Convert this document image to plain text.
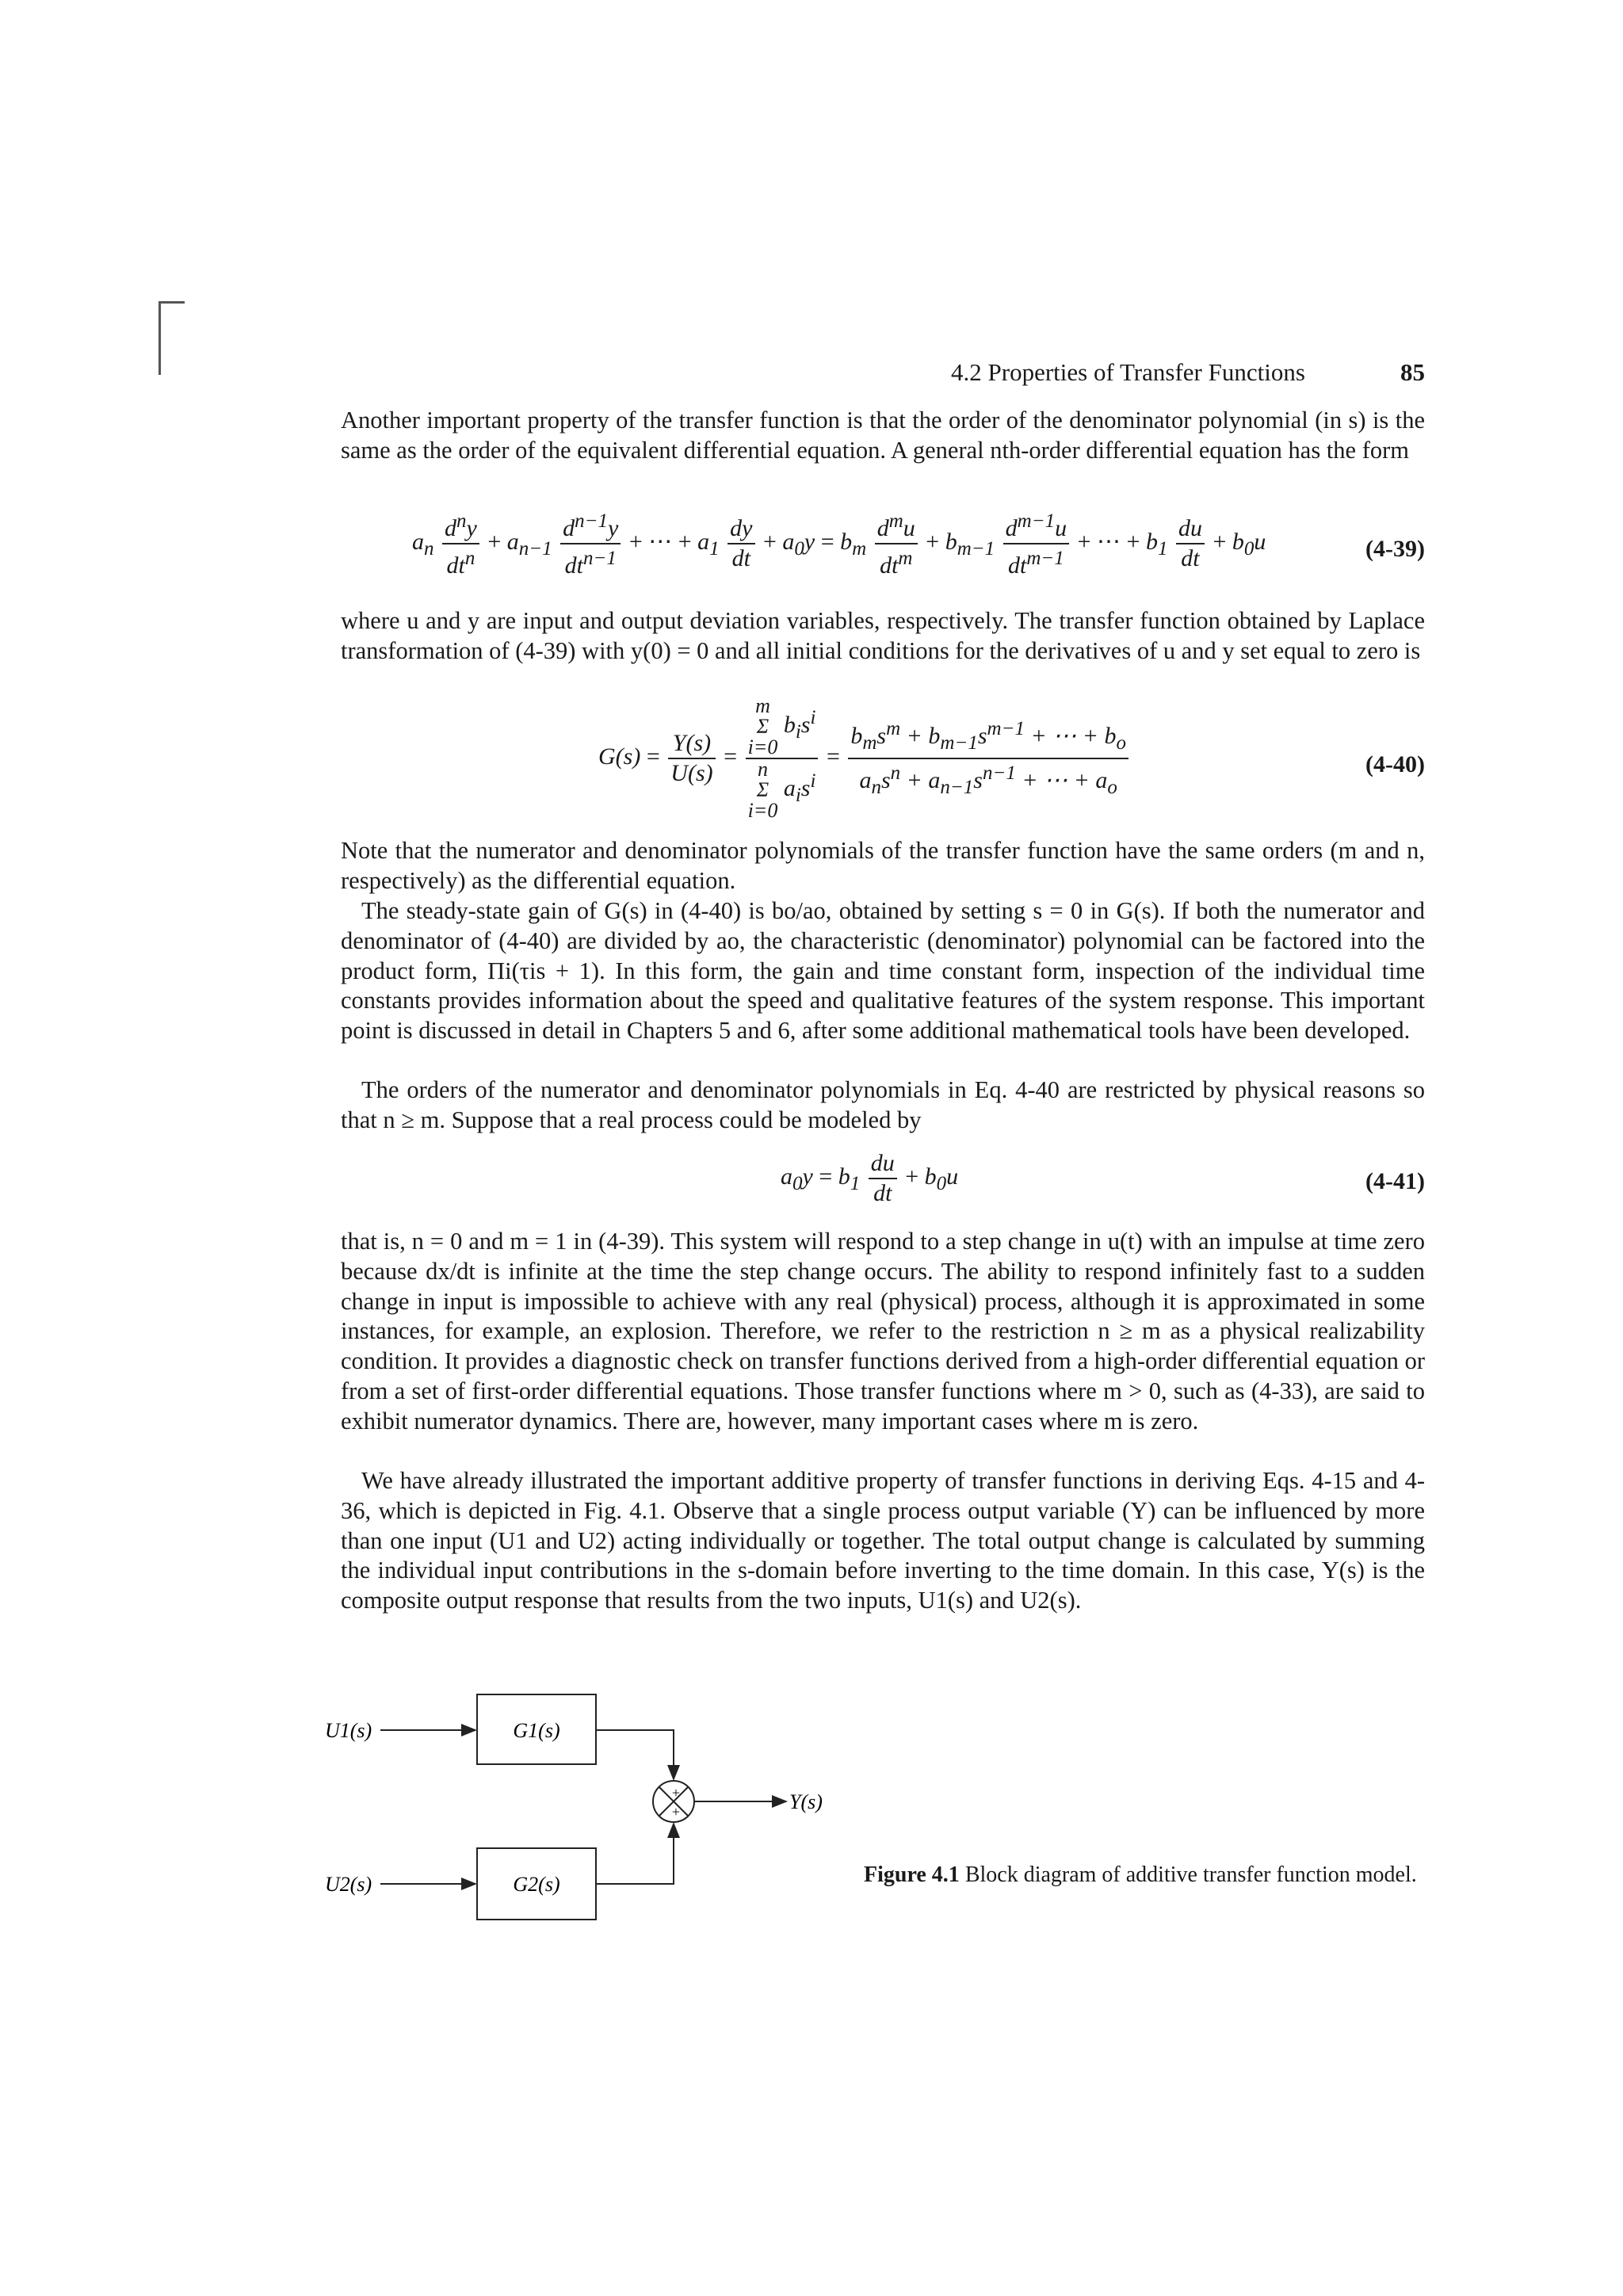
4.2 Properties of Transfer Functions	85

Another important property of the transfer function is that the order of the denominator polynomial (in s) is the same as the order of the equivalent differential equation. A general nth-order differential equation has the form

$a_n \frac{d^ny}{dt^n} + a_{n-1} \frac{d^{n-1}y}{dt^{n-1}}$ + ⋯ + $a_1 \frac{dy}{dt} + a_0y = b_m \frac{d^mu}{dt^m} + b_{m-1} \frac{d^{m-1}u}{dt^{m-1}}$ + ⋯ + $b_1 \frac{du}{dt} + b_0u$	(4-39)

where u and y are input and output deviation variables, respectively. The transfer function obtained by Laplace transformation of (4-39) with y(0) = 0 and all initial conditions for the derivatives of u and y set equal to zero is

$G(s) = \frac{Y(s)}{U(s)}$ =
m
Σ
i=0 $b_is^i$
n
Σ
i=0 $a_is^i$
= $\frac{b_ms^m + b_{m-1}s^{m-1} + \cdots + b_o}{a_ns^n + a_{n-1}s^{n-1} + \cdots + a_o}$	(4-40)

Note that the numerator and denominator polynomials of the transfer function have the same orders (m and n, respectively) as the differential equation.

The steady-state gain of G(s) in (4-40) is bo/ao, obtained by setting s = 0 in G(s). If both the numerator and denominator of (4-40) are divided by ao, the characteristic (denominator) polynomial can be factored into the product form, Πi(τis + 1). In this form, the gain and time constant form, inspection of the individual time constants provides information about the speed and qualitative features of the system response. This important point is discussed in detail in Chapters 5 and 6, after some additional mathematical tools have been developed.

The orders of the numerator and denominator polynomials in Eq. 4-40 are restricted by physical reasons so that n ≥ m. Suppose that a real process could be modeled by

$a_0y = b_1 \frac{du}{dt} + b_0u$	(4-41)

that is, n = 0 and m = 1 in (4-39). This system will respond to a step change in u(t) with an impulse at time zero because dx/dt is infinite at the time the step change occurs. The ability to respond infinitely fast to a sudden change in input is impossible to achieve with any real (physical) process, although it is approximated in some instances, for example, an explosion. Therefore, we refer to the restriction n ≥ m as a physical realizability condition. It provides a diagnostic check on transfer functions derived from a high-order differential equation or from a set of first-order differential equations. Those transfer functions where m > 0, such as (4-33), are said to exhibit numerator dynamics. There are, however, many important cases where m is zero.

We have already illustrated the important additive property of transfer functions in deriving Eqs. 4-15 and 4-36, which is depicted in Fig. 4.1. Observe that a single process output variable (Y) can be influenced by more than one input (U1 and U2) acting individually or together. The total output change is calculated by summing the individual input contributions in the s-domain before inverting to the time domain. In this case, Y(s) is the composite output response that results from the two inputs, U1(s) and U2(s).

U1(s)	G1(s)
+
+	Y(s)
U2(s)	G2(s)	Figure 4.1 Block diagram of additive transfer function model.
